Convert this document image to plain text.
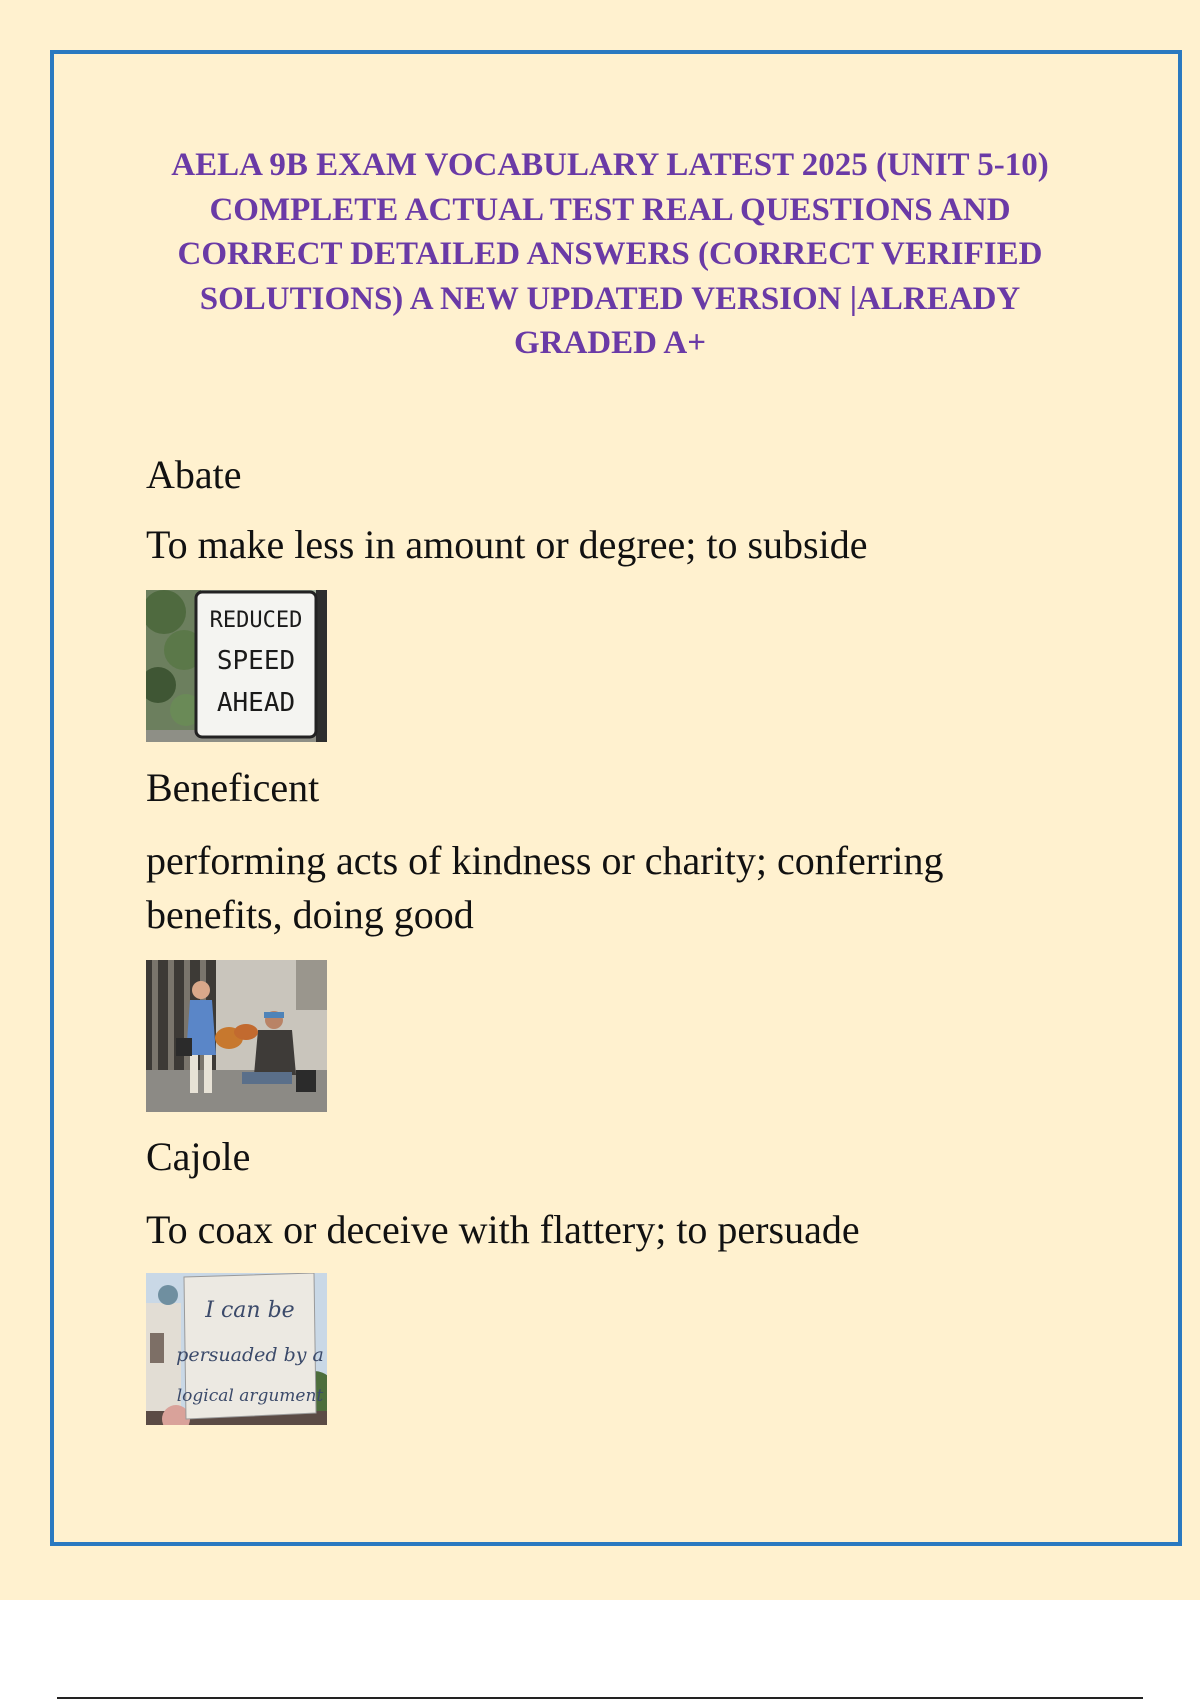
AELA 9B EXAM VOCABULARY LATEST 2025 (UNIT 5-10) COMPLETE ACTUAL TEST REAL QUESTIONS AND CORRECT DETAILED ANSWERS (CORRECT VERIFIED SOLUTIONS) A NEW UPDATED VERSION |ALREADY GRADED A+

Abate

To make less in amount or degree; to subside

REDUCED
SPEED
AHEAD

Beneficent

performing acts of kindness or charity; conferring benefits, doing good

Cajole

To coax or deceive with flattery; to persuade

I can be
persuaded by a
logical argument
